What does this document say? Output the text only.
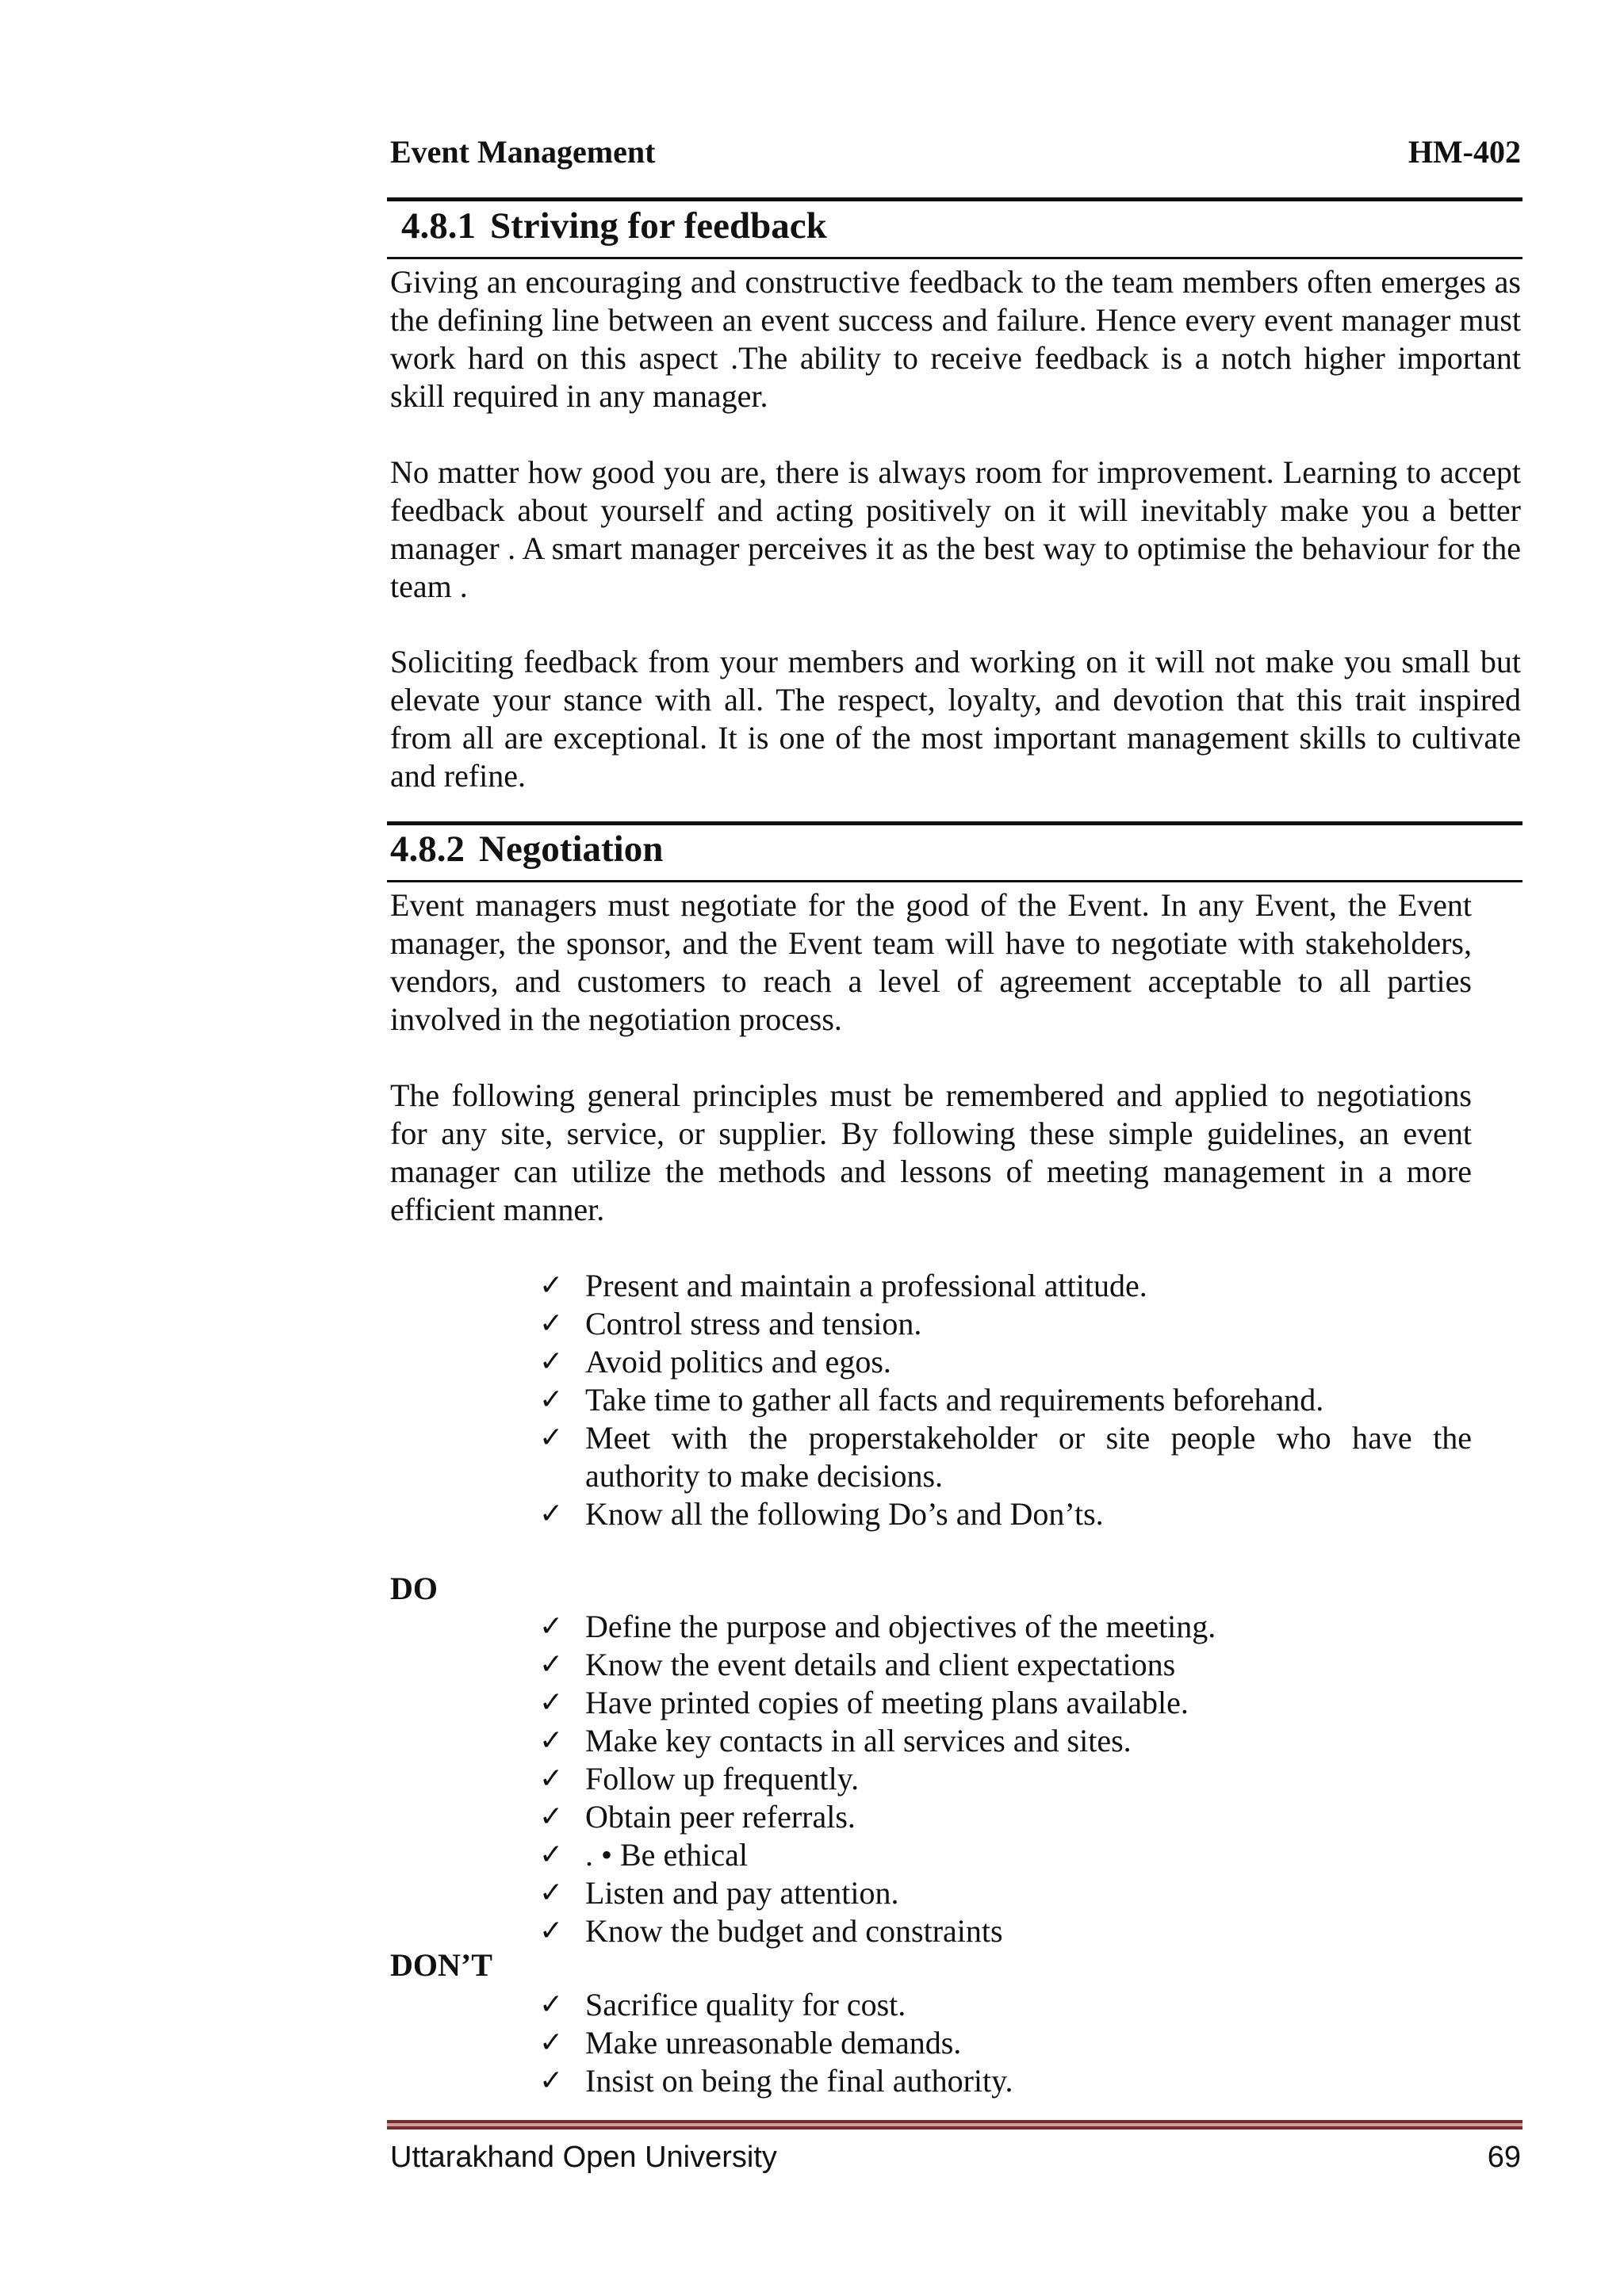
Event Management	HM-402
4.8.1 Striving for feedback

Giving an encouraging and constructive feedback to the team members often emerges as the defining line between an event success and failure. Hence every event manager must work hard on this aspect .The ability to receive feedback is a notch higher important skill required in any manager.

No matter how good you are, there is always room for improvement. Learning to accept feedback about yourself and acting positively on it will inevitably make you a better manager . A smart manager perceives it as the best way to optimise the behaviour for the team .

Soliciting feedback from your members and working on it will not make you small but elevate your stance with all. The respect, loyalty, and devotion that this trait inspired from all are exceptional. It is one of the most important management skills to cultivate and refine.

4.8.2 Negotiation

Event managers must negotiate for the good of the Event. In any Event, the Event manager, the sponsor, and the Event team will have to negotiate with stakeholders, vendors, and customers to reach a level of agreement acceptable to all parties involved in the negotiation process.

The following general principles must be remembered and applied to negotiations for any site, service, or supplier. By following these simple guidelines, an event manager can utilize the methods and lessons of meeting management in a more efficient manner.

✓ Present and maintain a professional attitude.
✓ Control stress and tension.
✓ Avoid politics and egos.
✓ Take time to gather all facts and requirements beforehand.
✓ Meet with the properstakeholder or site people who have the authority to make decisions.
✓ Know all the following Do’s and Don’ts.
DO
✓ Define the purpose and objectives of the meeting.
✓ Know the event details and client expectations
✓ Have printed copies of meeting plans available.
✓ Make key contacts in all services and sites.
✓ Follow up frequently.
✓ Obtain peer referrals.
✓ . • Be ethical
✓ Listen and pay attention.
✓ Know the budget and constraints
DON’T
✓ Sacrifice quality for cost.
✓ Make unreasonable demands.
✓ Insist on being the final authority.
Uttarakhand Open University	69
